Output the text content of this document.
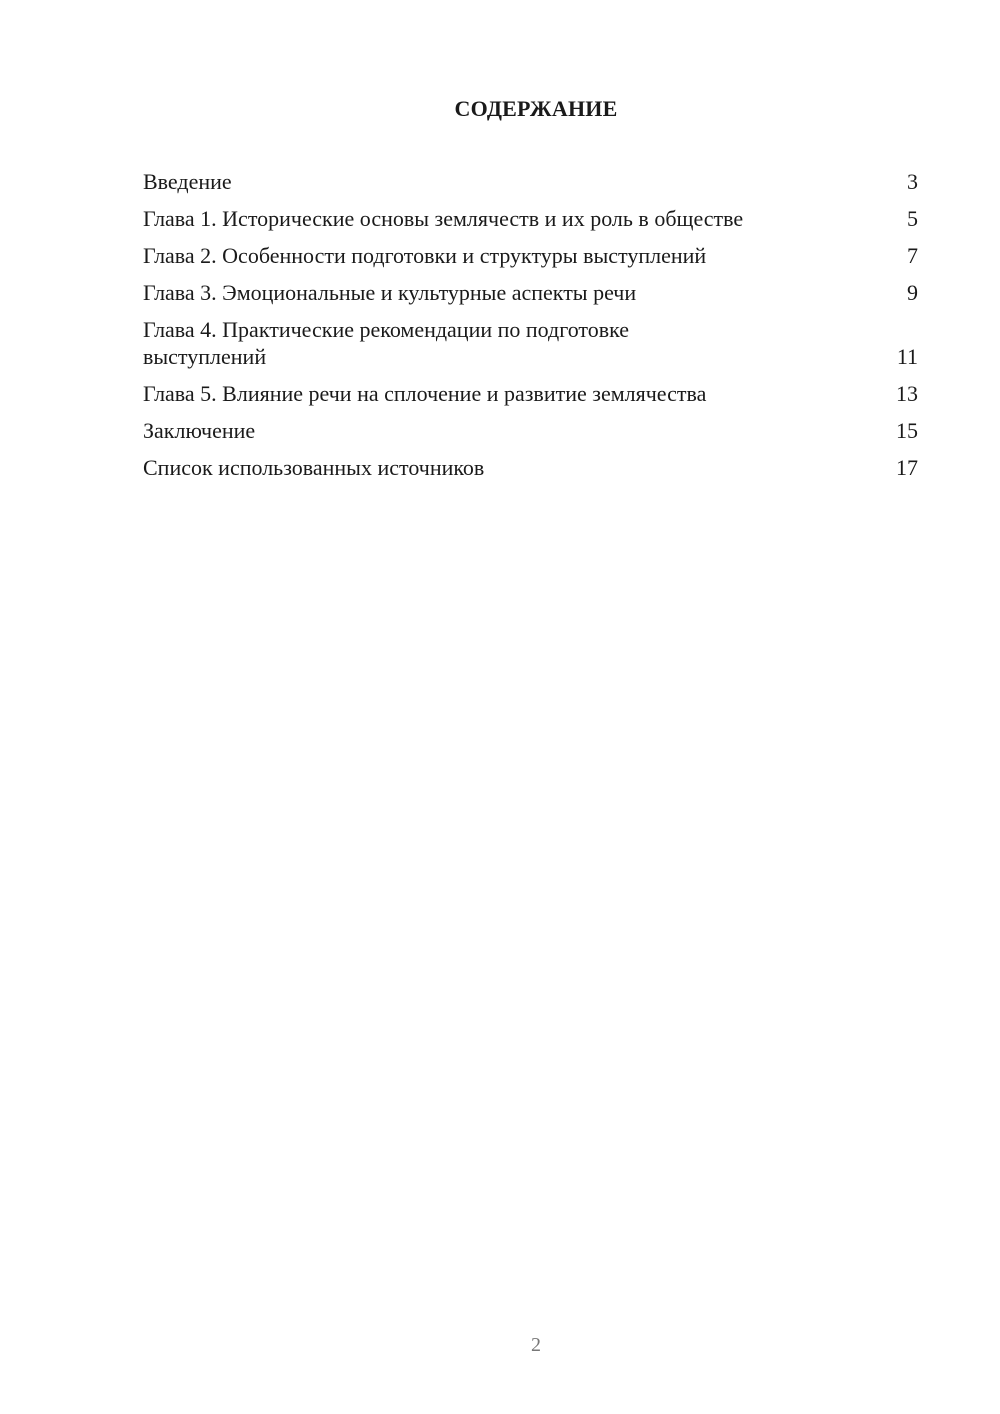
СОДЕРЖАНИЕ
Введение	3
Глава 1. Исторические основы землячеств и их роль в обществе	5
Глава 2. Особенности подготовки и структуры выступлений	7
Глава 3. Эмоциональные и культурные аспекты речи	9
Глава 4. Практические рекомендации по подготовке выступлений	11
Глава 5. Влияние речи на сплочение и развитие землячества	13
Заключение	15
Список использованных источников	17
2
